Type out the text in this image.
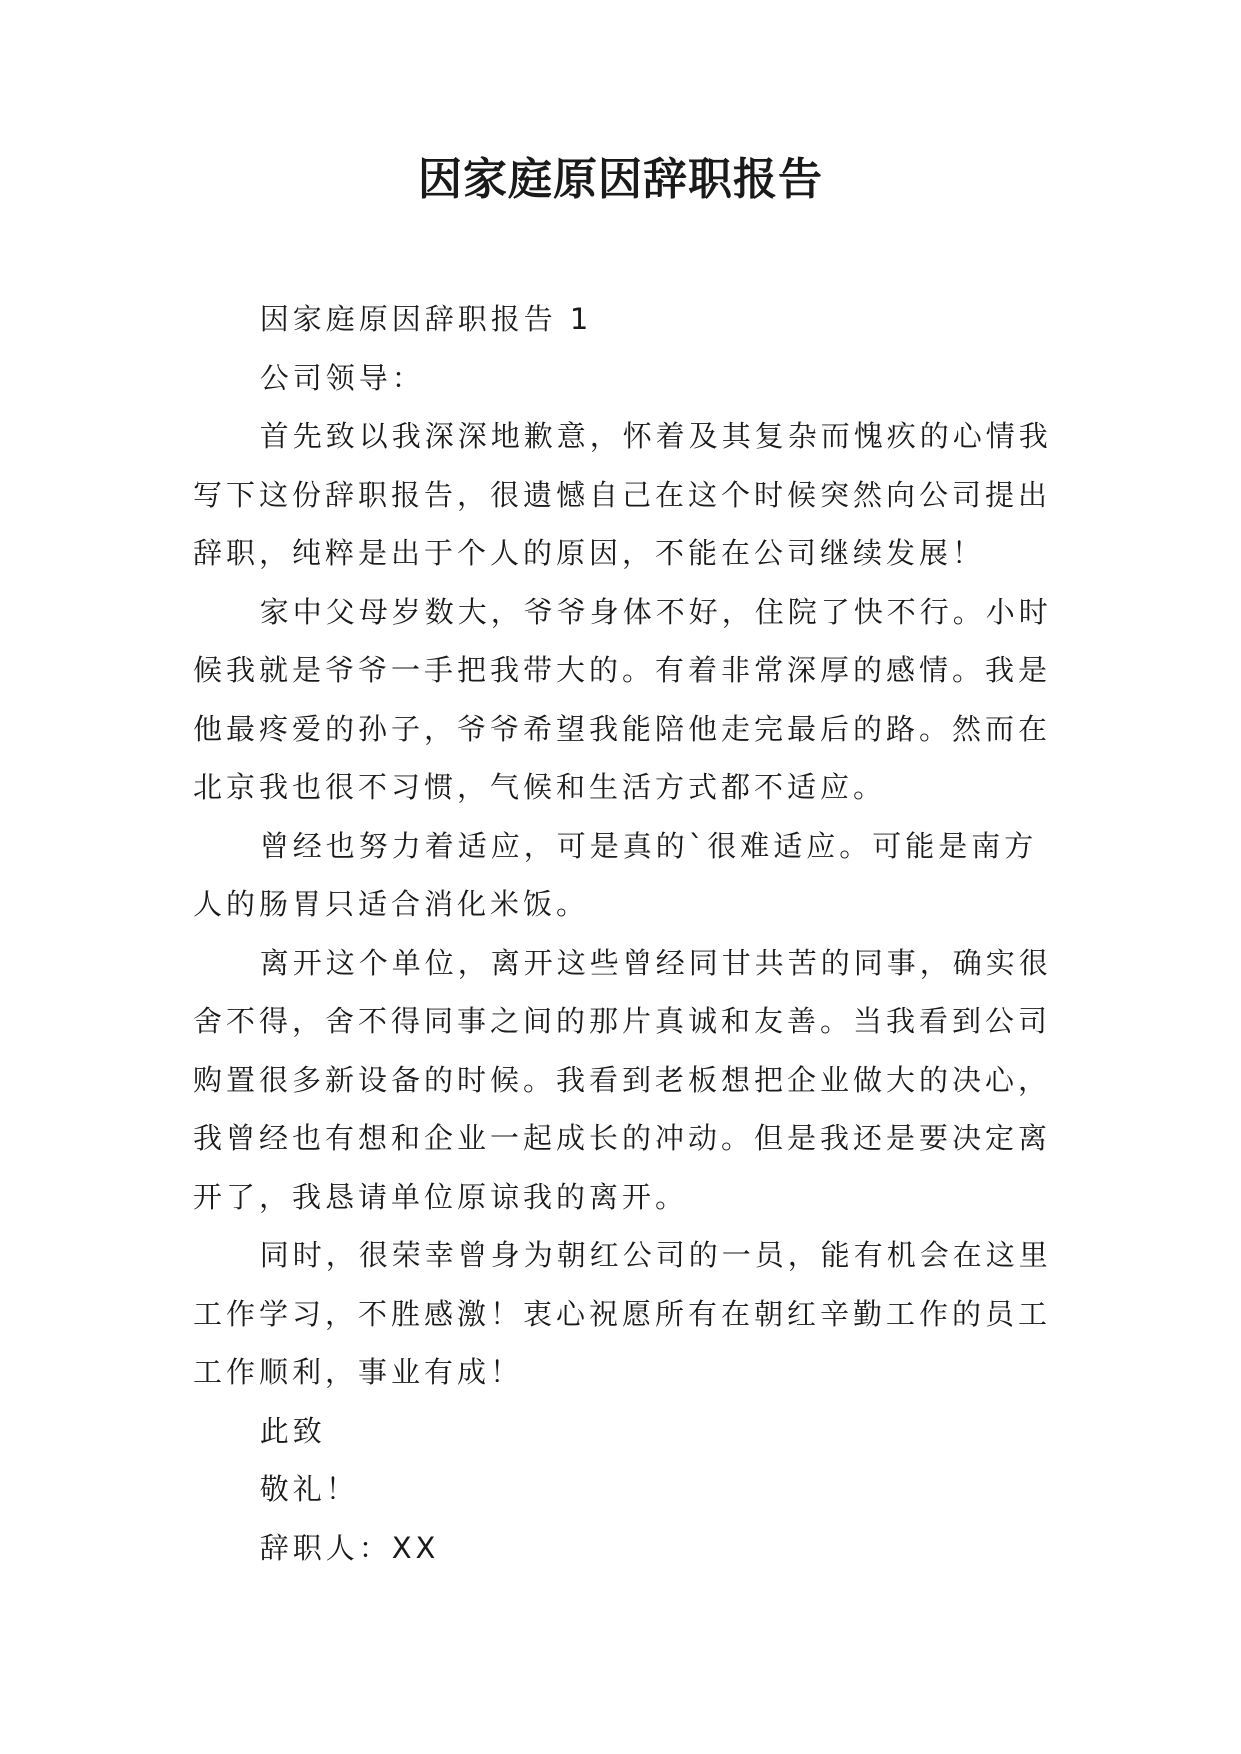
因家庭原因辞职报告

因家庭原因辞职报告 1

公司领导：

首先致以我深深地歉意，怀着及其复杂而愧疚的心情我写下这份辞职报告，很遗憾自己在这个时候突然向公司提出辞职，纯粹是出于个人的原因，不能在公司继续发展！

家中父母岁数大，爷爷身体不好，住院了快不行。小时候我就是爷爷一手把我带大的。有着非常深厚的感情。我是他最疼爱的孙子，爷爷希望我能陪他走完最后的路。然而在北京我也很不习惯，气候和生活方式都不适应。

曾经也努力着适应，可是真的`很难适应。可能是南方人的肠胃只适合消化米饭。

离开这个单位，离开这些曾经同甘共苦的同事，确实很舍不得，舍不得同事之间的那片真诚和友善。当我看到公司购置很多新设备的时候。我看到老板想把企业做大的决心，我曾经也有想和企业一起成长的冲动。但是我还是要决定离开了，我恳请单位原谅我的离开。

同时，很荣幸曾身为朝红公司的一员，能有机会在这里工作学习，不胜感激！衷心祝愿所有在朝红辛勤工作的员工工作顺利，事业有成！

此致

敬礼！

辞职人：XX
